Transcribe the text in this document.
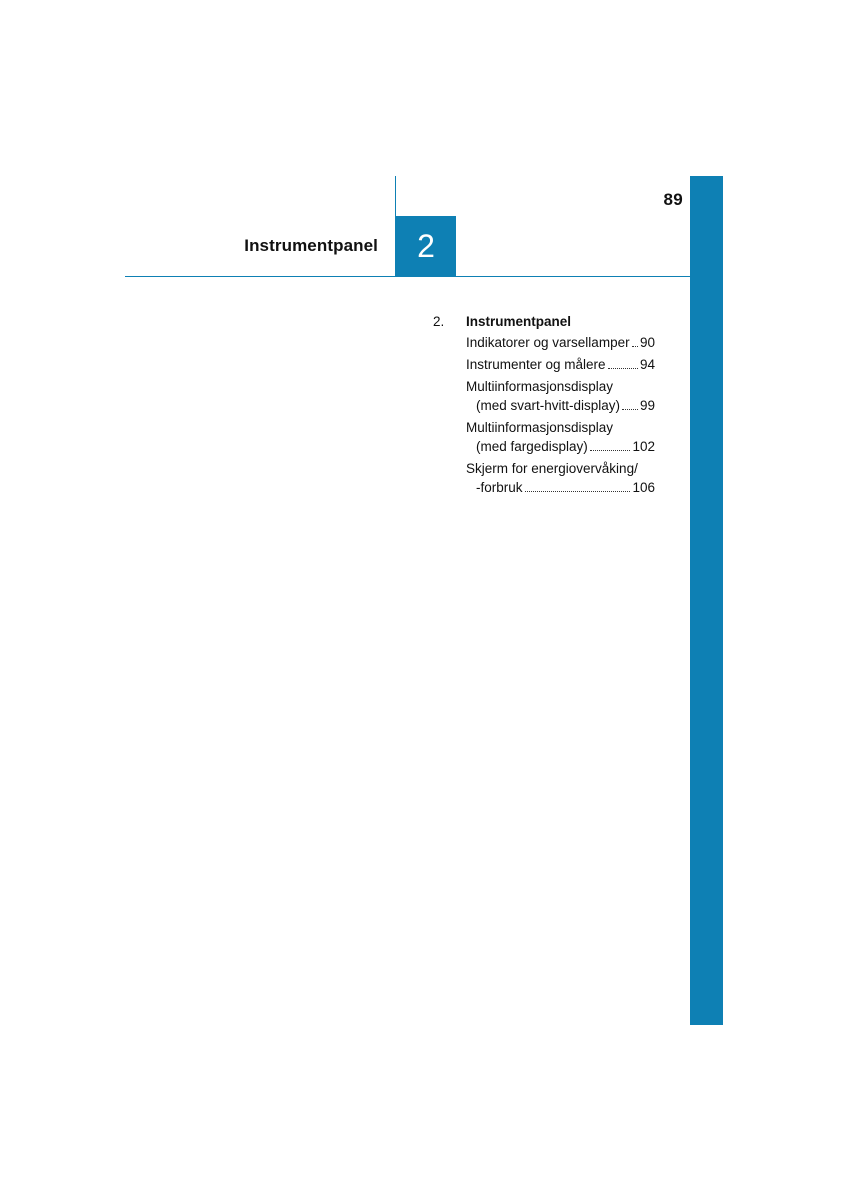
89
2
Instrumentpanel
2.	Instrumentpanel
Indikatorer og varsellamper 90
Instrumenter og målere	94
Multiinformasjonsdisplay
(med svart-hvitt-display) 99
Multiinformasjonsdisplay
(med fargedisplay)	102
Skjerm for energiovervåking/
-forbruk	106
